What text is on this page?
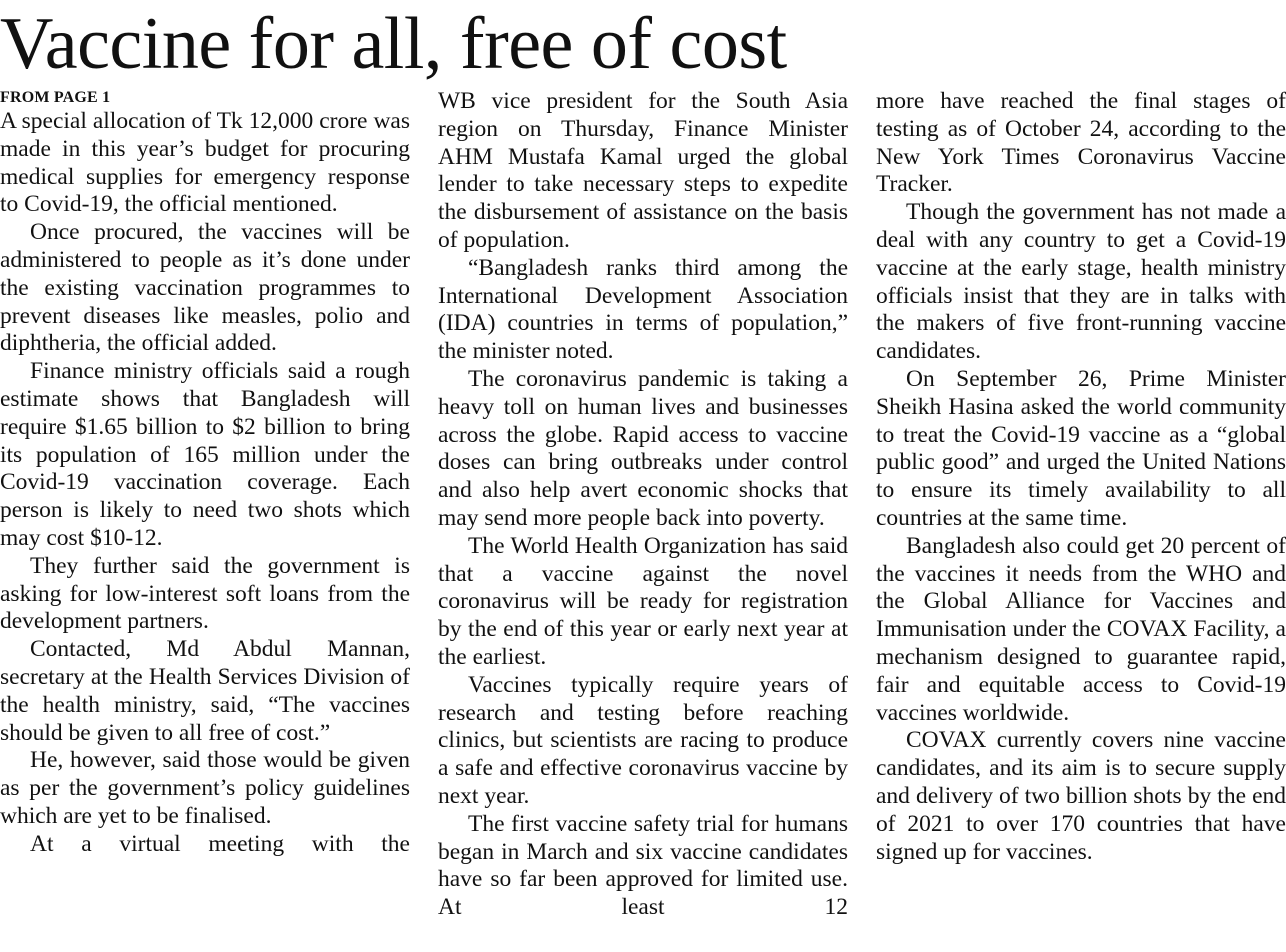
Vaccine for all, free of cost
FROM PAGE 1

A special allocation of Tk 12,000 crore was made in this year’s budget for procuring medical supplies for emergency response to Covid-19, the official mentioned.

Once procured, the vaccines will be administered to people as it’s done under the existing vaccination programmes to prevent diseases like measles, polio and diphtheria, the official added.

Finance ministry officials said a rough estimate shows that Bangladesh will require $1.65 billion to $2 billion to bring its population of 165 million under the Covid-19 vaccination coverage. Each person is likely to need two shots which may cost $10-12.

They further said the government is asking for low-interest soft loans from the development partners.

Contacted, Md Abdul Mannan, secretary at the Health Services Division of the health ministry, said, “The vaccines should be given to all free of cost.”

He, however, said those would be given as per the government’s policy guidelines which are yet to be finalised.

At a virtual meeting with the

WB vice president for the South Asia region on Thursday, Finance Minister AHM Mustafa Kamal urged the global lender to take necessary steps to expedite the disbursement of assistance on the basis of population.

“Bangladesh ranks third among the International Development Association (IDA) countries in terms of population,” the minister noted.

The coronavirus pandemic is taking a heavy toll on human lives and businesses across the globe. Rapid access to vaccine doses can bring outbreaks under control and also help avert economic shocks that may send more people back into poverty.

The World Health Organization has said that a vaccine against the novel coronavirus will be ready for registration by the end of this year or early next year at the earliest.

Vaccines typically require years of research and testing before reaching clinics, but scientists are racing to produce a safe and effective coronavirus vaccine by next year.

The first vaccine safety trial for humans began in March and six vaccine candidates have so far been approved for limited use. At least 12

more have reached the final stages of testing as of October 24, according to the New York Times Coronavirus Vaccine Tracker.

Though the government has not made a deal with any country to get a Covid-19 vaccine at the early stage, health ministry officials insist that they are in talks with the makers of five front-running vaccine candidates.

On September 26, Prime Minister Sheikh Hasina asked the world community to treat the Covid-19 vaccine as a “global public good” and urged the United Nations to ensure its timely availability to all countries at the same time.

Bangladesh also could get 20 percent of the vaccines it needs from the WHO and the Global Alliance for Vaccines and Immunisation under the COVAX Facility, a mechanism designed to guarantee rapid, fair and equitable access to Covid-19 vaccines worldwide.

COVAX currently covers nine vaccine candidates, and its aim is to secure supply and delivery of two billion shots by the end of 2021 to over 170 countries that have signed up for vaccines.
